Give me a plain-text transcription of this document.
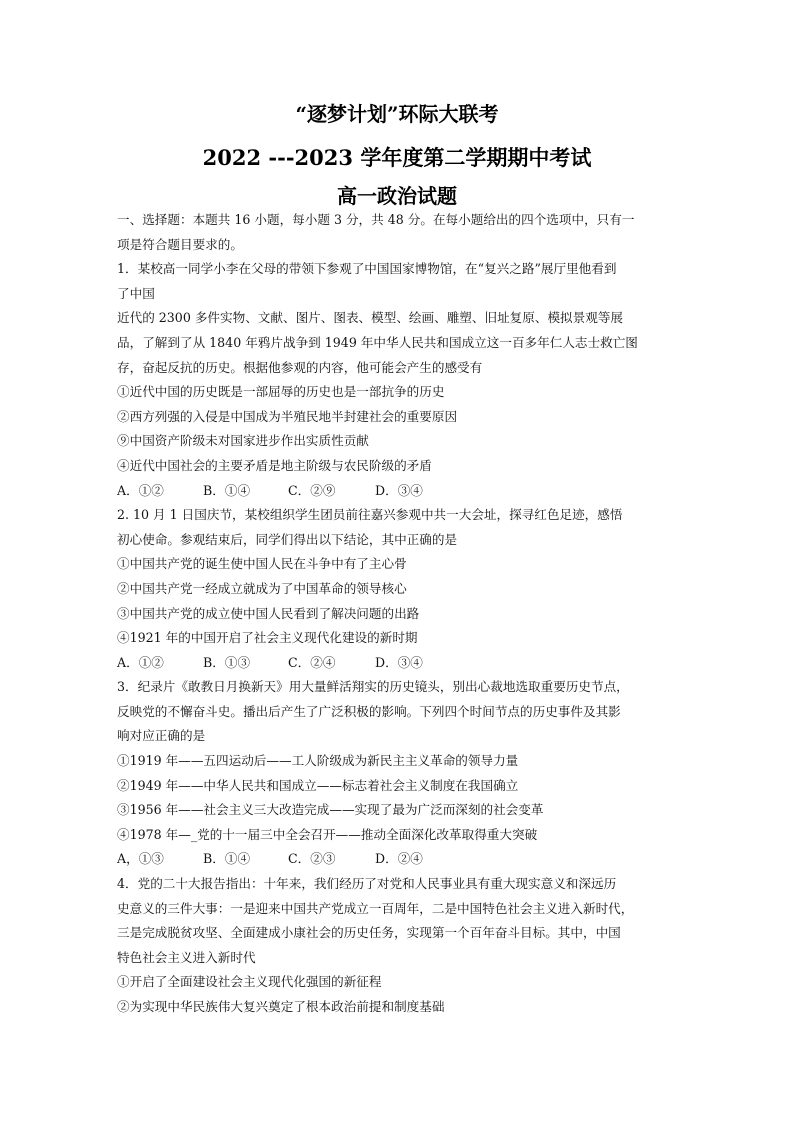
“逐梦计划”环际大联考
2022 ---2023 学年度第二学期期中考试
高一政治试题
一、选择题：本题共 16 小题，每小题 3 分，共 48 分。在每小题给出的四个选项中，只有一
项是符合题目要求的。
1．某校高一同学小李在父母的带领下参观了中国国家博物馆，在“复兴之路”展厅里他看到
了中国
近代的 2300 多件实物、文献、图片、图表、模型、绘画、雕塑、旧址复原、模拟景观等展
品，了解到了从 1840 年鸦片战争到 1949 年中华人民共和国成立这一百多年仁人志士救亡图
存，奋起反抗的历史。根据他参观的内容，他可能会产生的感受有
①近代中国的历史既是一部屈辱的历史也是一部抗争的历史
②西方列强的入侵是中国成为半殖民地半封建社会的重要原因
⑨中国资产阶级未对国家进步作出实质性贡献
④近代中国社会的主要矛盾是地主阶级与农民阶级的矛盾
A．①②	B．①④	C．②⑨	D．③④
2. 10 月 1 日国庆节，某校组织学生团员前往嘉兴参观中共一大会址，探寻红色足迹，感悟
初心使命。参观结束后，同学们得出以下结论，其中正确的是
①中国共产党的诞生使中国人民在斗争中有了主心骨
②中国共产党一经成立就成为了中国革命的领导核心
③中国共产党的成立使中国人民看到了解决问题的出路
④1921 年的中国开启了社会主义现代化建设的新时期
A．①②	B．①③	C．②④	D．③④
3．纪录片《敢教日月换新天》用大量鲜活翔实的历史镜头，别出心裁地选取重要历史节点，
反映党的不懈奋斗史。播出后产生了广泛积极的影响。下列四个时间节点的历史事件及其影
响对应正确的是
①1919 年——五四运动后——工人阶级成为新民主主义革命的领导力量
②1949 年——中华人民共和国成立——标志着社会主义制度在我国确立
③1956 年——社会主义三大改造完成——实现了最为广泛而深刻的社会变革
④1978 年—_党的十一届三中全会召开——推动全面深化改革取得重大突破
A，①③	B．①④	C．②③	D．②④
4．党的二十大报告指出：十年来，我们经历了对党和人民事业具有重大现实意义和深远历
史意义的三件大事：一是迎来中国共产党成立一百周年，二是中国特色社会主义进入新时代，
三是完成脱贫攻坚、全面建成小康社会的历史任务，实现第一个百年奋斗目标。其中，中国
特色社会主义进入新时代
①开启了全面建设社会主义现代化强国的新征程
②为实现中华民族伟大复兴奠定了根本政治前提和制度基础
